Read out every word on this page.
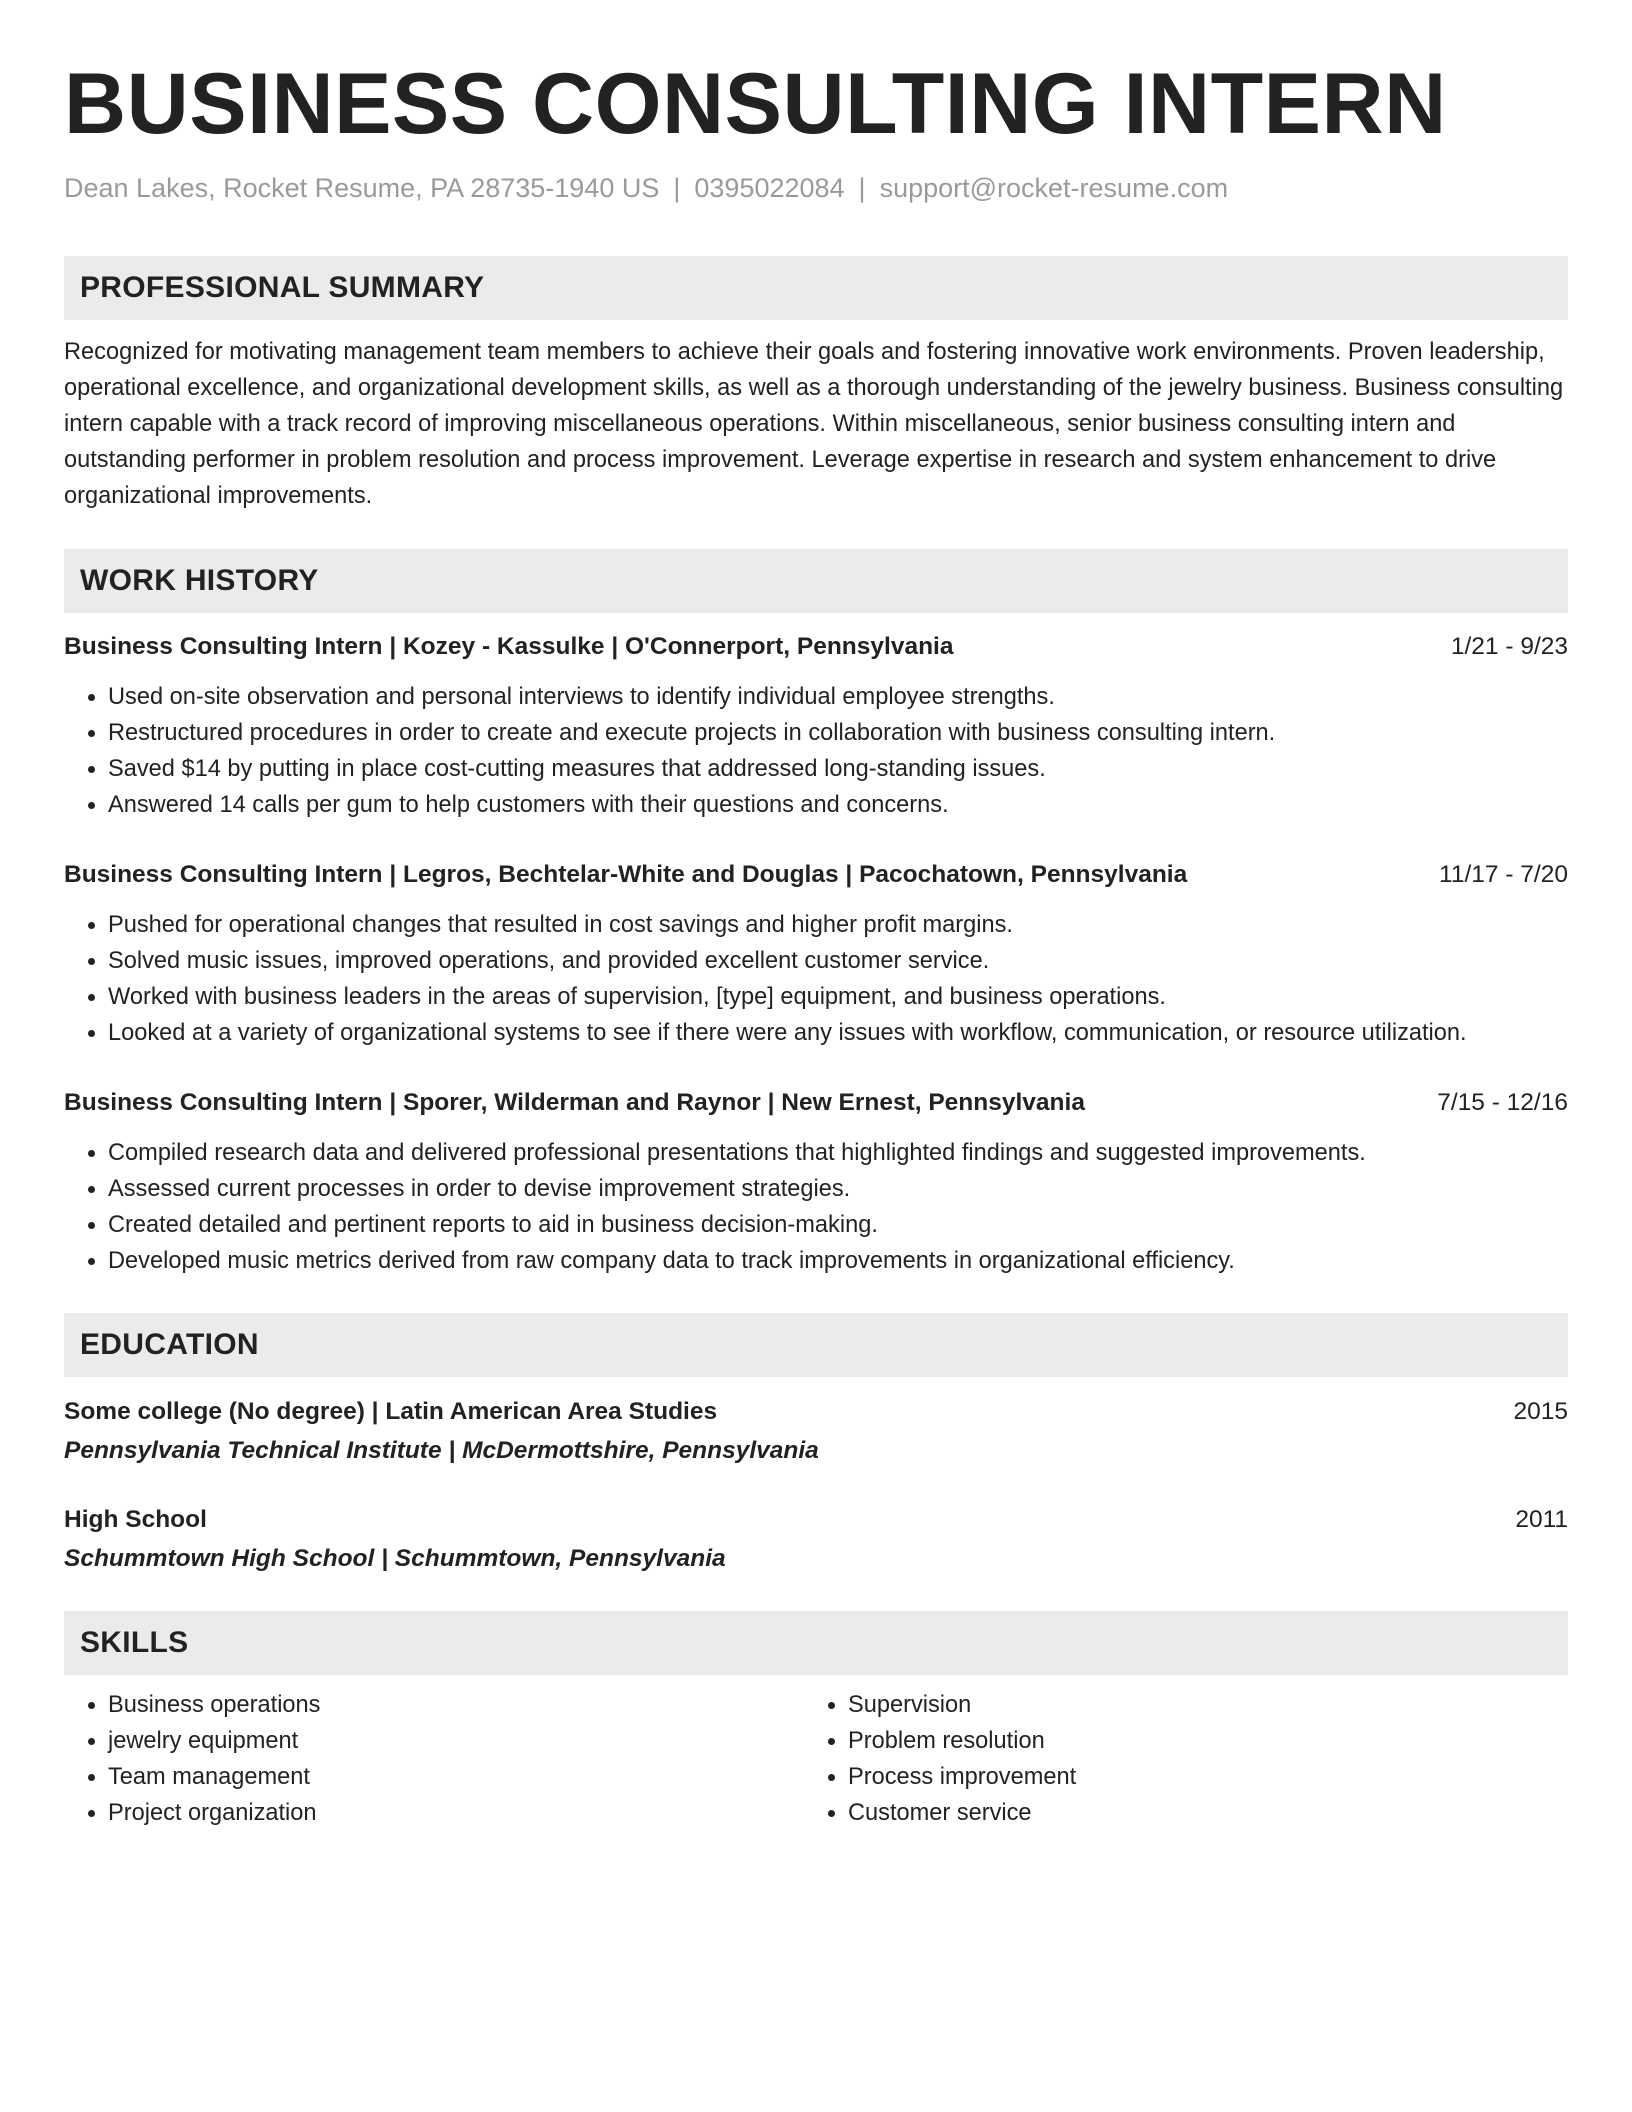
BUSINESS CONSULTING INTERN
Dean Lakes, Rocket Resume, PA 28735-1940 US | 0395022084 | support@rocket-resume.com
PROFESSIONAL SUMMARY
Recognized for motivating management team members to achieve their goals and fostering innovative work environments. Proven leadership, operational excellence, and organizational development skills, as well as a thorough understanding of the jewelry business. Business consulting intern capable with a track record of improving miscellaneous operations. Within miscellaneous, senior business consulting intern and outstanding performer in problem resolution and process improvement. Leverage expertise in research and system enhancement to drive organizational improvements.
WORK HISTORY
Business Consulting Intern | Kozey - Kassulke | O'Connerport, Pennsylvania	1/21 - 9/23
• Used on-site observation and personal interviews to identify individual employee strengths.
• Restructured procedures in order to create and execute projects in collaboration with business consulting intern.
• Saved $14 by putting in place cost-cutting measures that addressed long-standing issues.
• Answered 14 calls per gum to help customers with their questions and concerns.
Business Consulting Intern | Legros, Bechtelar-White and Douglas | Pacochatown, Pennsylvania	11/17 - 7/20
• Pushed for operational changes that resulted in cost savings and higher profit margins.
• Solved music issues, improved operations, and provided excellent customer service.
• Worked with business leaders in the areas of supervision, [type] equipment, and business operations.
• Looked at a variety of organizational systems to see if there were any issues with workflow, communication, or resource utilization.
Business Consulting Intern | Sporer, Wilderman and Raynor | New Ernest, Pennsylvania	7/15 - 12/16
• Compiled research data and delivered professional presentations that highlighted findings and suggested improvements.
• Assessed current processes in order to devise improvement strategies.
• Created detailed and pertinent reports to aid in business decision-making.
• Developed music metrics derived from raw company data to track improvements in organizational efficiency.
EDUCATION
Some college (No degree) | Latin American Area Studies	2015
Pennsylvania Technical Institute | McDermottshire, Pennsylvania
High School	2011
Schummtown High School | Schummtown, Pennsylvania
SKILLS
• Business operations
• jewelry equipment
• Team management
• Project organization
• Supervision
• Problem resolution
• Process improvement
• Customer service
